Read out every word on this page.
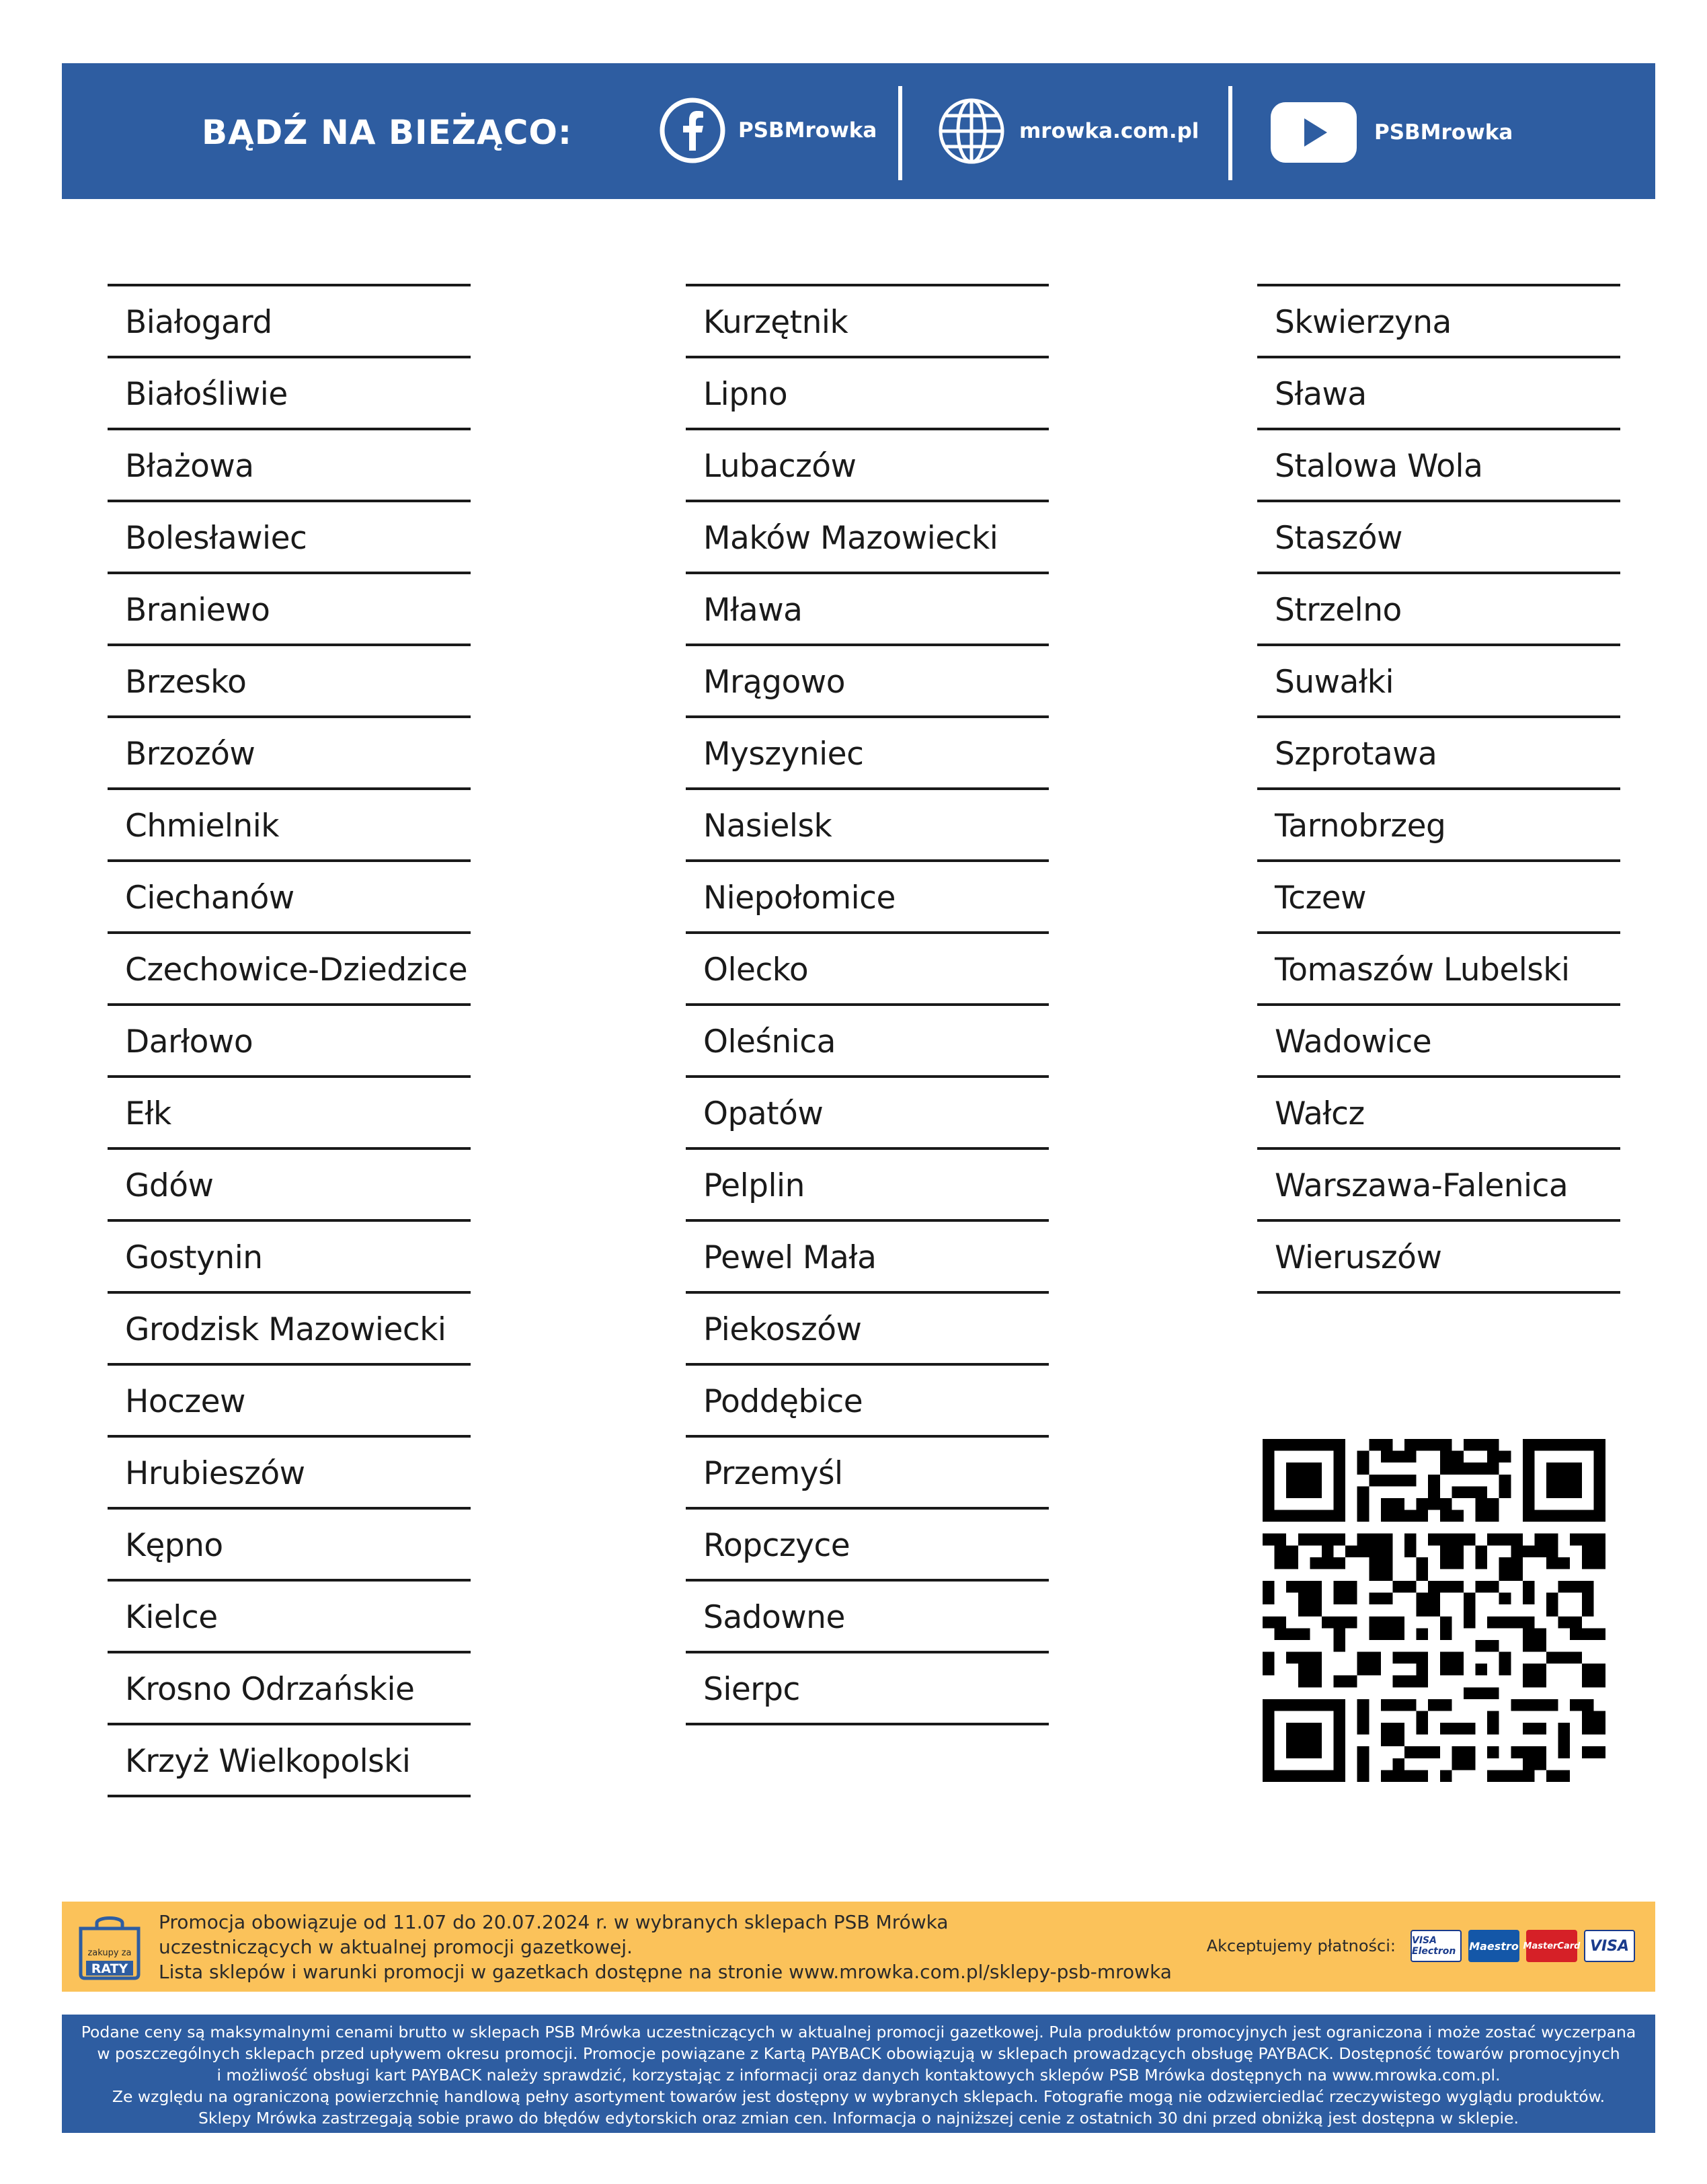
BĄDŹ NA BIEŻĄCO:	PSBMrowka	mrowka.com.pl	PSBMrowka
Białogard
Białośliwie
Błażowa
Bolesławiec
Braniewo
Brzesko
Brzozów
Chmielnik
Ciechanów
Czechowice-Dziedzice
Darłowo
Ełk
Gdów
Gostynin
Grodzisk Mazowiecki
Hoczew
Hrubieszów
Kępno
Kielce
Krosno Odrzańskie
Krzyż Wielkopolski
Kurzętnik
Lipno
Lubaczów
Maków Mazowiecki
Mława
Mrągowo
Myszyniec
Nasielsk
Niepołomice
Olecko
Oleśnica
Opatów
Pelplin
Pewel Mała
Piekoszów
Poddębice
Przemyśl
Ropczyce
Sadowne
Sierpc
Skwierzyna
Sława
Stalowa Wola
Staszów
Strzelno
Suwałki
Szprotawa
Tarnobrzeg
Tczew
Tomaszów Lubelski
Wadowice
Wałcz
Warszawa-Falenica
Wieruszów
zakupy za
RATY
Promocja obowiązuje od 11.07 do 20.07.2024 r. w wybranych sklepach PSB Mrówka
uczestniczących w aktualnej promocji gazetkowej.
Lista sklepów i warunki promocji w gazetkach dostępne na stronie www.mrowka.com.pl/sklepy-psb-mrowka
Akceptujemy płatności: VISA Electron	Maestro MasterCard VISA
Podane ceny są maksymalnymi cenami brutto w sklepach PSB Mrówka uczestniczących w aktualnej promocji gazetkowej. Pula produktów promocyjnych jest ograniczona i może zostać wyczerpana
w poszczególnych sklepach przed upływem okresu promocji. Promocje powiązane z Kartą PAYBACK obowiązują w sklepach prowadzących obsługę PAYBACK. Dostępność towarów promocyjnych
i możliwość obsługi kart PAYBACK należy sprawdzić, korzystając z informacji oraz danych kontaktowych sklepów PSB Mrówka dostępnych na www.mrowka.com.pl.
Ze względu na ograniczoną powierzchnię handlową pełny asortyment towarów jest dostępny w wybranych sklepach. Fotografie mogą nie odzwierciedlać rzeczywistego wyglądu produktów.
Sklepy Mrówka zastrzegają sobie prawo do błędów edytorskich oraz zmian cen. Informacja o najniższej cenie z ostatnich 30 dni przed obniżką jest dostępna w sklepie.
